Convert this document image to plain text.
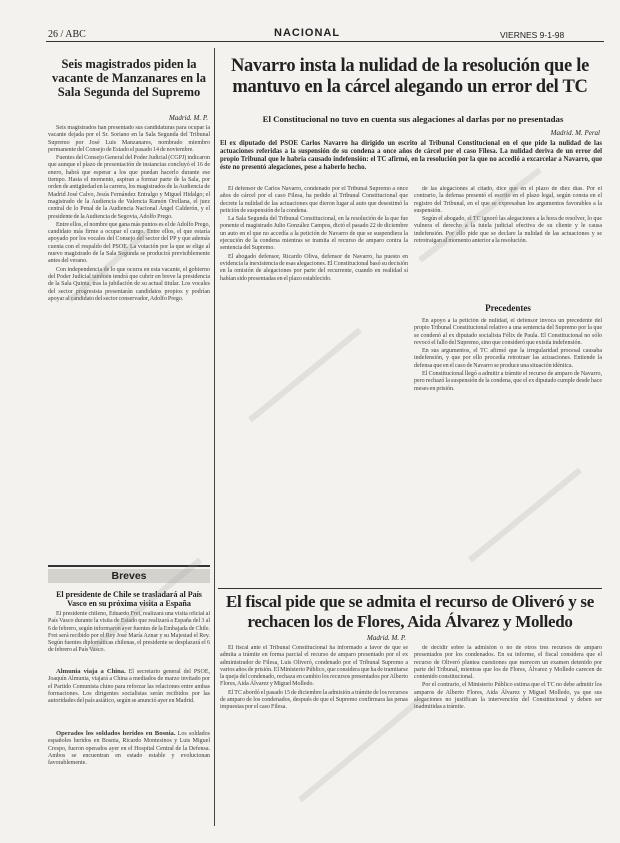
26 / ABC	NACIONAL	VIERNES 9-1-98
Seis magistrados piden la vacante de Manzanares en la Sala Segunda del Supremo
Madrid. M. P.

Seis magistrados han presentado sus candidaturas para ocupar la vacante dejada por el Sr. Soriano en la Sala Segunda del Tribunal Supremo por José Luis Manzanares, nombrado miembro permanente del Consejo de Estado el pasado 14 de noviembre.

Fuentes del Consejo General del Poder Judicial (CGPJ) indicaron que aunque el plazo de presentación de instancias concluyó el 16 de enero, habrá que esperar a los que puedan hacerlo durante ese tiempo. Hasta el momento, aspiran a formar parte de la Sala, por orden de antigüedad en la carrera, los magistrados de la Audiencia de Madrid José Calvo, Jesús Fernández Entralgo y Miguel Hidalgo; el magistrado de la Audiencia de Valencia Ramón Orellana, el juez central de lo Penal de la Audiencia Nacional Ángel Calderón, y el presidente de la Audiencia de Segovia, Adolfo Prego.

Entre ellos, el nombre que gana más puntos es el de Adolfo Prego, candidato más firme a ocupar el cargo. Entre ellos, el que estaría apoyado por los vocales del Consejo del sector del PP y que además cuenta con el respaldo del PSOE. La votación por la que se elige al nuevo magistrado de la Sala Segunda se producirá previsiblemente antes del verano.

Con independencia de lo que ocurra en esta vacante, el gobierno del Poder Judicial también tendrá que cubrir en breve la presidencia de la Sala Quinta, tras la jubilación de su actual titular. Los vocales del sector progresista presentarán candidatos propios y podrían apoyar al candidato del sector conservador, Adolfo Prego.

Breves
El presidente de Chile se trasladará al País Vasco en su próxima visita a España

El presidente chileno, Eduardo Frei, realizará una visita oficial al País Vasco durante la visita de Estado que realizará a España del 3 al 6 de febrero, según informaron ayer fuentes de la Embajada de Chile. Frei será recibido por el Rey José María Aznar y su Majestad el Rey. Según fuentes diplomáticas chilenas, el presidente se desplazará el 6 de febrero al País Vasco.

Almunia viaja a China. El secretario general del PSOE, Joaquín Almunia, viajará a China a mediados de marzo invitado por el Partido Comunista chino para reforzar las relaciones entre ambas formaciones. Los dirigentes socialistas serán recibidos por las autoridades del país asiático, según se anunció ayer en Madrid.

Operados los soldados heridos en Bosnia. Los soldados españoles heridos en Bosnia, Ricardo Montesinos y Luis Miguel Crespo, fueron operados ayer en el Hospital Central de la Defensa. Ambos se encuentran en estado estable y evolucionan favorablemente.

Navarro insta la nulidad de la resolución que le mantuvo en la cárcel alegando un error del TC
El Constitucional no tuvo en cuenta sus alegaciones al darlas por no presentadas
Madrid. M. Peral
El ex diputado del PSOE Carlos Navarro ha dirigido un escrito al Tribunal Constitucional en el que pide la nulidad de las actuaciones referidas a la suspensión de su condena a once años de cárcel por el caso Filesa. La nulidad deriva de un error del propio Tribunal que le habría causado indefensión: el TC afirmó, en la resolución por la que no accedió a excarcelar a Navarro, que éste no presentó alegaciones, pese a haberlo hecho.

El defensor de Carlos Navarro, condenado por el Tribunal Supremo a once años de cárcel por el caso Filesa, ha pedido al Tribunal Constitucional que decrete la nulidad de las actuaciones que dieron lugar al auto que desestimó la petición de suspensión de la condena.

La Sala Segunda del Tribunal Constitucional, en la resolución de la que fue ponente el magistrado Julio González Campos, dictó el pasado 22 de diciembre un auto en el que no accedía a la petición de Navarro de que se suspendiera la ejecución de la condena mientras se tramita el recurso de amparo contra la sentencia del Supremo.

El abogado defensor, Ricardo Oliva, defensor de Navarro, ha puesto en evidencia la inexistencia de esas alegaciones. El Constitucional basó su decisión en la omisión de alegaciones por parte del recurrente, cuando en realidad sí habían sido presentadas en el plazo establecido.

de las alegaciones al citado, dice que en el plazo de diez días. Por el contrario, la defensa presentó el escrito en el plazo legal, según consta en el registro del Tribunal, en el que se expresaban los argumentos favorables a la suspensión.

Según el abogado, el TC ignoró las alegaciones a la hora de resolver, lo que vulnera el derecho a la tutela judicial efectiva de su cliente y le causa indefensión. Por ello pide que se declare la nulidad de las actuaciones y se retrotraigan al momento anterior a la resolución.

Precedentes

En apoyo a la petición de nulidad, el defensor invoca un precedente del propio Tribunal Constitucional relativo a una sentencia del Supremo por la que se condenó al ex diputado socialista Félix de Paula. El Constitucional no sólo revocó el fallo del Supremo, sino que consideró que existía indefensión.

En sus argumentos, el TC afirmó que la irregularidad procesal causaba indefensión, y que por ello procedía retrotraer las actuaciones. Entiende la defensa que en el caso de Navarro se produce una situación idéntica.

El Constitucional llegó a admitir a trámite el recurso de amparo de Navarro, pero rechazó la suspensión de la condena, que el ex diputado cumple desde hace meses en prisión.

El fiscal pide que se admita el recurso de Oliveró y se rechacen los de Flores, Aida Álvarez y Molledo
Madrid. M. P.

El fiscal ante el Tribunal Constitucional ha informado a favor de que se admita a trámite en forma parcial el recurso de amparo presentado por el ex administrador de Filesa, Luis Oliveró, condenado por el Tribunal Supremo a varios años de prisión. El Ministerio Público, que considera que ha de tramitarse la queja del condenado, rechaza en cambio los recursos presentados por Alberto Flores, Aida Álvarez y Miguel Molledo.

El TC abordó el pasado 15 de diciembre la admisión a trámite de los recursos de amparo de los condenados, después de que el Supremo confirmara las penas impuestas por el caso Filesa.

de decidir sobre la admisión o no de otros tres recursos de amparo presentados por los condenados. En su informe, el fiscal considera que el recurso de Oliveró plantea cuestiones que merecen un examen detenido por parte del Tribunal, mientras que los de Flores, Álvarez y Molledo carecen de contenido constitucional.

Por el contrario, el Ministerio Público estima que el TC no debe admitir los amparos de Alberto Flores, Aida Álvarez y Miguel Molledo, ya que sus alegaciones no justifican la intervención del Constitucional y deben ser inadmitidas a trámite.
